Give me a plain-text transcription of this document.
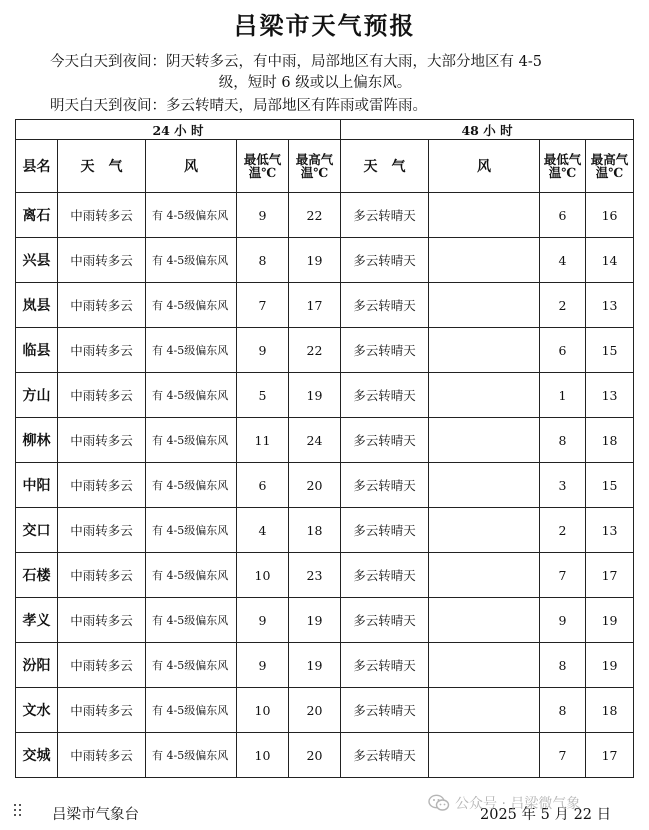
吕梁市天气预报
今天白天到夜间：阴天转多云，有中雨，局部地区有大雨，大部分地区有 4-5
级，短时 6 级或以上偏东风。
明天白天到夜间：多云转晴天，局部地区有阵雨或雷阵雨。
24 小 时					48 小 时			
县名	天　气	风	最低气温℃	最高气温℃	天　气	风	最低气温℃	最高气温℃
离石	中雨转多云	有 4-5级偏东风	9	22	多云转晴天		6	16
兴县	中雨转多云	有 4-5级偏东风	8	19	多云转晴天		4	14
岚县	中雨转多云	有 4-5级偏东风	7	17	多云转晴天		2	13
临县	中雨转多云	有 4-5级偏东风	9	22	多云转晴天		6	15
方山	中雨转多云	有 4-5级偏东风	5	19	多云转晴天		1	13
柳林	中雨转多云	有 4-5级偏东风	11	24	多云转晴天		8	18
中阳	中雨转多云	有 4-5级偏东风	6	20	多云转晴天		3	15
交口	中雨转多云	有 4-5级偏东风	4	18	多云转晴天		2	13
石楼	中雨转多云	有 4-5级偏东风	10	23	多云转晴天		7	17
孝义	中雨转多云	有 4-5级偏东风	9	19	多云转晴天		9	19
汾阳	中雨转多云	有 4-5级偏东风	9	19	多云转晴天		8	19
文水	中雨转多云	有 4-5级偏东风	10	20	多云转晴天		8	18
交城	中雨转多云	有 4-5级偏东风	10	20	多云转晴天		7	17
吕梁市气象台	2025 年 5 月 22 日
公众号 · 吕梁微气象
